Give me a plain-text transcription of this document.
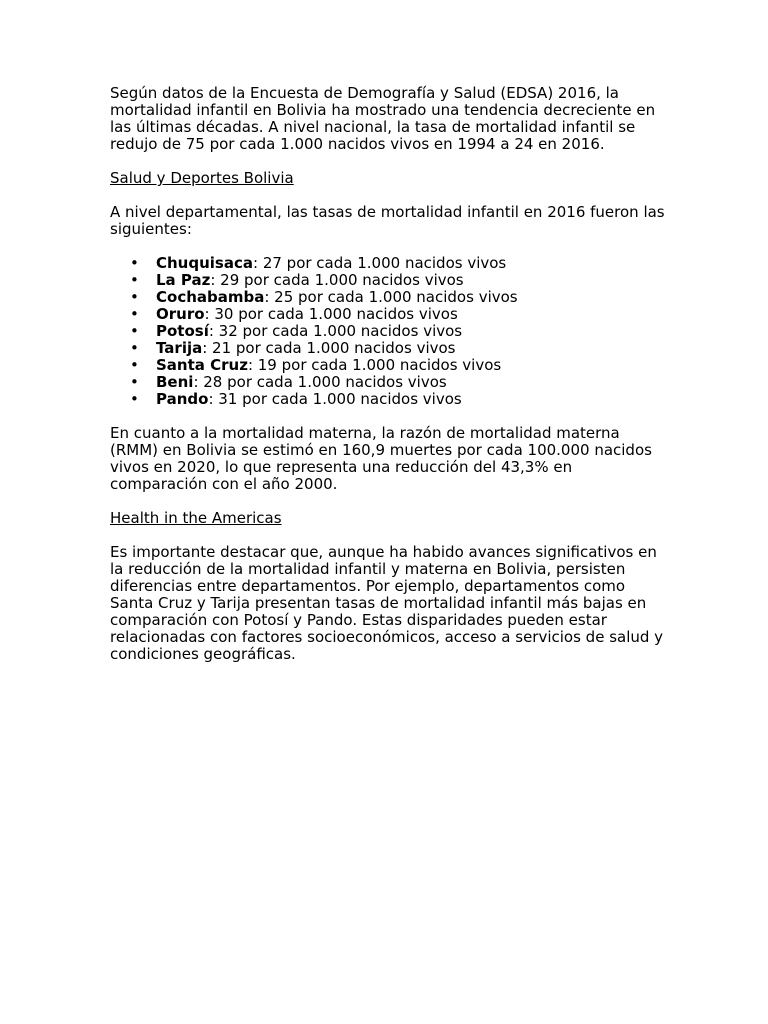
Según datos de la Encuesta de Demografía y Salud (EDSA) 2016, la mortalidad infantil en Bolivia ha mostrado una tendencia decreciente en las últimas décadas. A nivel nacional, la tasa de mortalidad infantil se redujo de 75 por cada 1.000 nacidos vivos en 1994 a 24 en 2016.

Salud y Deportes Bolivia

A nivel departamental, las tasas de mortalidad infantil en 2016 fueron las siguientes:

• Chuquisaca: 27 por cada 1.000 nacidos vivos
• La Paz: 29 por cada 1.000 nacidos vivos
• Cochabamba: 25 por cada 1.000 nacidos vivos
• Oruro: 30 por cada 1.000 nacidos vivos
• Potosí: 32 por cada 1.000 nacidos vivos
• Tarija: 21 por cada 1.000 nacidos vivos
• Santa Cruz: 19 por cada 1.000 nacidos vivos
• Beni: 28 por cada 1.000 nacidos vivos
• Pando: 31 por cada 1.000 nacidos vivos

En cuanto a la mortalidad materna, la razón de mortalidad materna (RMM) en Bolivia se estimó en 160,9 muertes por cada 100.000 nacidos vivos en 2020, lo que representa una reducción del 43,3% en comparación con el año 2000.

Health in the Americas

Es importante destacar que, aunque ha habido avances significativos en la reducción de la mortalidad infantil y materna en Bolivia, persisten diferencias entre departamentos. Por ejemplo, departamentos como Santa Cruz y Tarija presentan tasas de mortalidad infantil más bajas en comparación con Potosí y Pando. Estas disparidades pueden estar relacionadas con factores socioeconómicos, acceso a servicios de salud y condiciones geográficas.
